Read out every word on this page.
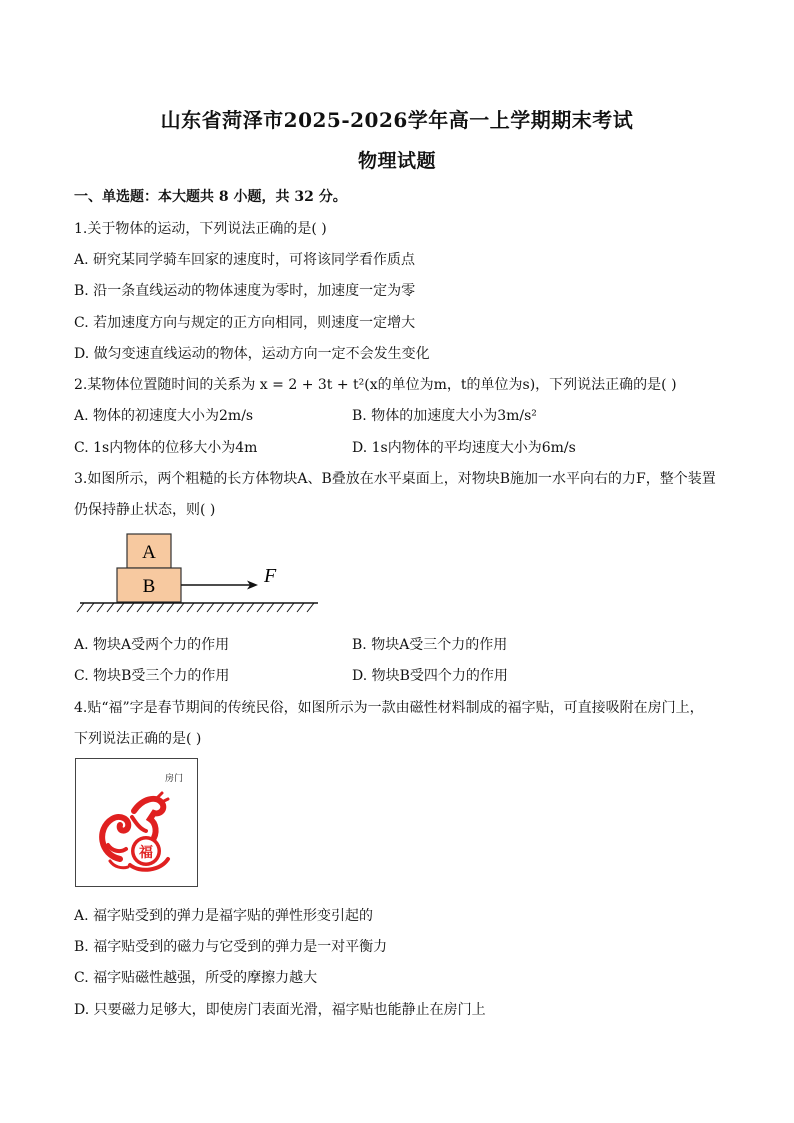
山东省菏泽市2025-2026学年高一上学期期末考试
物理试题
一、单选题：本大题共 8 小题，共 32 分。
1.关于物体的运动，下列说法正确的是( )
A. 研究某同学骑车回家的速度时，可将该同学看作质点
B. 沿一条直线运动的物体速度为零时，加速度一定为零
C. 若加速度方向与规定的正方向相同，则速度一定增大
D. 做匀变速直线运动的物体，运动方向一定不会发生变化
2.某物体位置随时间的关系为 x = 2 + 3t + t²(x的单位为m，t的单位为s)，下列说法正确的是( )
A. 物体的初速度大小为2m/s	B. 物体的加速度大小为3m/s²
C. 1s内物体的位移大小为4m	D. 1s内物体的平均速度大小为6m/s
3.如图所示，两个粗糙的长方体物块A、B叠放在水平桌面上，对物块B施加一水平向右的力F，整个装置
仍保持静止状态，则( )
A
B	F
A. 物块A受两个力的作用	B. 物块A受三个力的作用
C. 物块B受三个力的作用	D. 物块B受四个力的作用
4.贴“福”字是春节期间的传统民俗，如图所示为一款由磁性材料制成的福字贴，可直接吸附在房门上，
下列说法正确的是( )
房门
福
A. 福字贴受到的弹力是福字贴的弹性形变引起的
B. 福字贴受到的磁力与它受到的弹力是一对平衡力
C. 福字贴磁性越强，所受的摩擦力越大
D. 只要磁力足够大，即使房门表面光滑，福字贴也能静止在房门上
